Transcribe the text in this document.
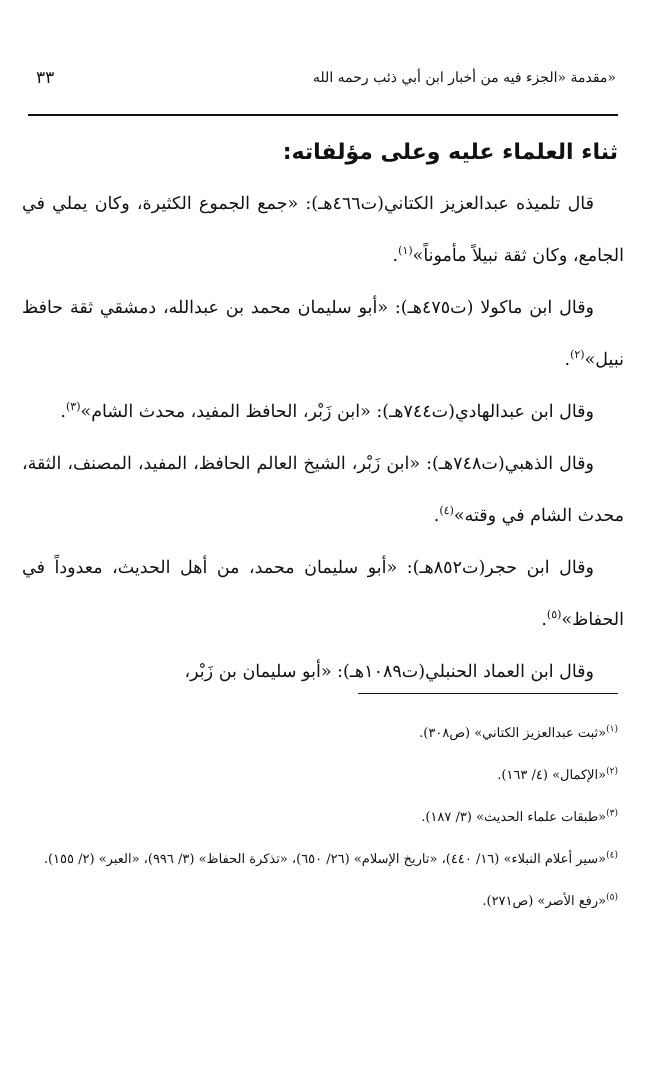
مقدمة «الجزء فيه من أخبار ابن أبي ذئب رحمه الله»
٣٣
ثناء العلماء عليه وعلى مؤلفاته:

قال تلميذه عبدالعزيز الكتاني(ت٤٦٦هـ): «جمع الجموع الكثيرة، وكان يملي في الجامع، وكان ثقة نبيلاً مأموناً»$^{(١)}$.

وقال ابن ماكولا (ت٤٧٥هـ): «أبو سليمان محمد بن عبدالله، دمشقي ثقة حافظ نبيل»$^{(٢)}$.

وقال ابن عبدالهادي(ت٧٤٤هـ): «ابن زَبْر، الحافظ المفيد، محدث الشام»$^{(٣)}$.

وقال الذهبي(ت٧٤٨هـ): «ابن زَبْر، الشيخ العالم الحافظ، المفيد، المصنف، الثقة، محدث الشام في وقته»$^{(٤)}$.

وقال ابن حجر(ت٨٥٢هـ): «أبو سليمان محمد، من أهل الحديث، معدوداً في الحفاظ»$^{(٥)}$.

وقال ابن العماد الحنبلي(ت١٠٨٩هـ): «أبو سليمان بن زَبْر،

$^{(١)}$«ثبت عبدالعزيز الكتاني» (ص٣٠٨).

$^{(٢)}$«الإكمال» (٤/ ١٦٣).

$^{(٣)}$«طبقات علماء الحديث» (٣/ ١٨٧).

$^{(٤)}$«سير أعلام النبلاء» (١٦/ ٤٤٠)، «تاريخ الإسلام» (٢٦/ ٦٥٠)، «تذكرة الحفاظ» (٣/ ٩٩٦)، «العبر» (٢/ ١٥٥).

$^{(٥)}$«رفع الأصر» (ص٢٧١).
